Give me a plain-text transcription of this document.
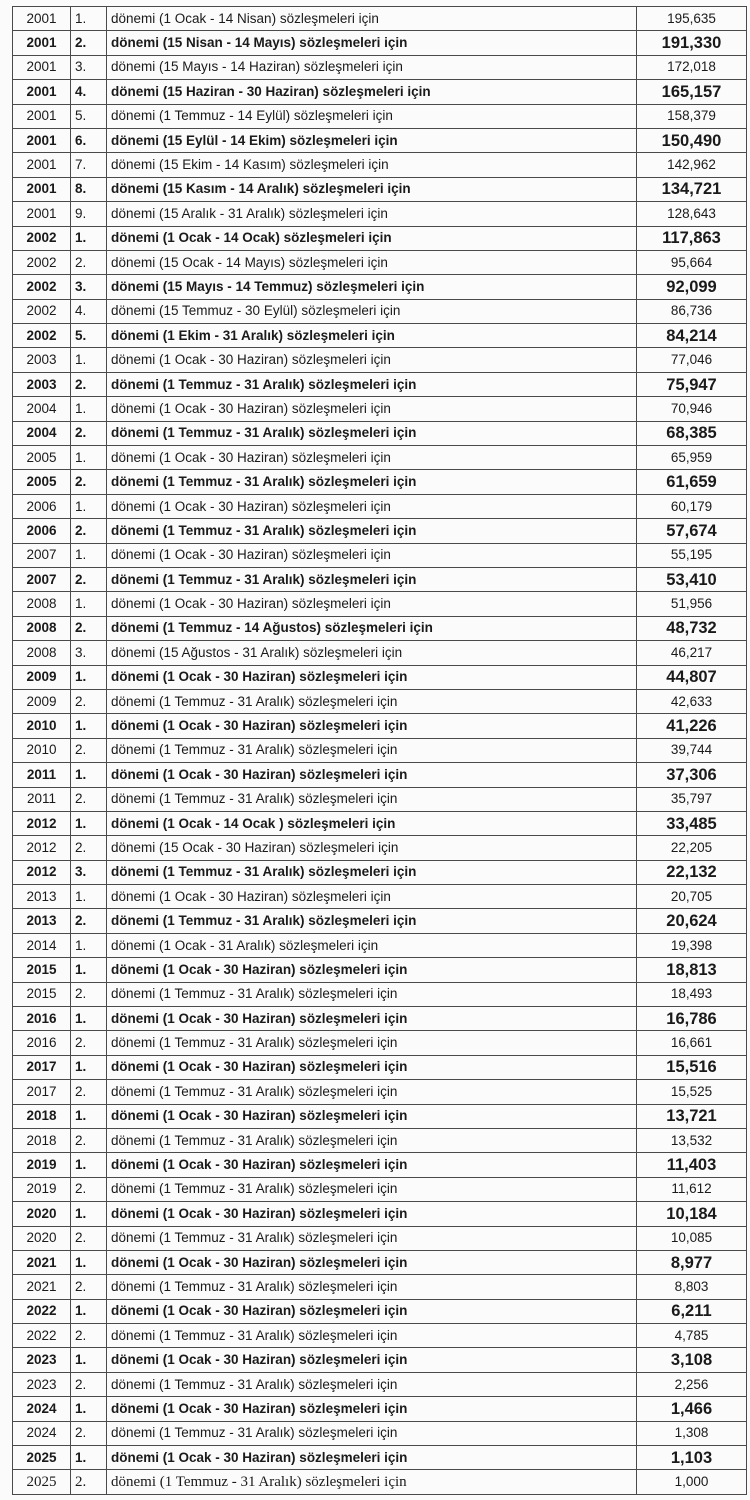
2001	1.	dönemi (1 Ocak - 14 Nisan) sözleşmeleri için	195,635
2001	2.	dönemi (15 Nisan - 14 Mayıs) sözleşmeleri için	191,330
2001	3.	dönemi (15 Mayıs - 14 Haziran) sözleşmeleri için	172,018
2001	4.	dönemi (15 Haziran - 30 Haziran) sözleşmeleri için	165,157
2001	5.	dönemi (1 Temmuz - 14 Eylül) sözleşmeleri için	158,379
2001	6.	dönemi (15 Eylül - 14 Ekim) sözleşmeleri için	150,490
2001	7.	dönemi (15 Ekim - 14 Kasım) sözleşmeleri için	142,962
2001	8.	dönemi (15 Kasım - 14 Aralık) sözleşmeleri için	134,721
2001	9.	dönemi (15 Aralık - 31 Aralık) sözleşmeleri için	128,643
2002	1.	dönemi (1 Ocak - 14 Ocak) sözleşmeleri için	117,863
2002	2.	dönemi (15 Ocak - 14 Mayıs) sözleşmeleri için	95,664
2002	3.	dönemi (15 Mayıs - 14 Temmuz) sözleşmeleri için	92,099
2002	4.	dönemi (15 Temmuz - 30 Eylül) sözleşmeleri için	86,736
2002	5.	dönemi (1 Ekim - 31 Aralık) sözleşmeleri için	84,214
2003	1.	dönemi (1 Ocak - 30 Haziran) sözleşmeleri için	77,046
2003	2.	dönemi (1 Temmuz - 31 Aralık) sözleşmeleri için	75,947
2004	1.	dönemi (1 Ocak - 30 Haziran) sözleşmeleri için	70,946
2004	2.	dönemi (1 Temmuz - 31 Aralık) sözleşmeleri için	68,385
2005	1.	dönemi (1 Ocak - 30 Haziran) sözleşmeleri için	65,959
2005	2.	dönemi (1 Temmuz - 31 Aralık) sözleşmeleri için	61,659
2006	1.	dönemi (1 Ocak - 30 Haziran) sözleşmeleri için	60,179
2006	2.	dönemi (1 Temmuz - 31 Aralık) sözleşmeleri için	57,674
2007	1.	dönemi (1 Ocak - 30 Haziran) sözleşmeleri için	55,195
2007	2.	dönemi (1 Temmuz - 31 Aralık) sözleşmeleri için	53,410
2008	1.	dönemi (1 Ocak - 30 Haziran) sözleşmeleri için	51,956
2008	2.	dönemi (1 Temmuz - 14 Ağustos) sözleşmeleri için	48,732
2008	3.	dönemi (15 Ağustos - 31 Aralık) sözleşmeleri için	46,217
2009	1.	dönemi (1 Ocak - 30 Haziran) sözleşmeleri için	44,807
2009	2.	dönemi (1 Temmuz - 31 Aralık) sözleşmeleri için	42,633
2010	1.	dönemi (1 Ocak - 30 Haziran) sözleşmeleri için	41,226
2010	2.	dönemi (1 Temmuz - 31 Aralık) sözleşmeleri için	39,744
2011	1.	dönemi (1 Ocak - 30 Haziran) sözleşmeleri için	37,306
2011	2.	dönemi (1 Temmuz - 31 Aralık) sözleşmeleri için	35,797
2012	1.	dönemi (1 Ocak - 14 Ocak ) sözleşmeleri için	33,485
2012	2.	dönemi (15 Ocak - 30 Haziran) sözleşmeleri için	22,205
2012	3.	dönemi (1 Temmuz - 31 Aralık) sözleşmeleri için	22,132
2013	1.	dönemi (1 Ocak - 30 Haziran) sözleşmeleri için	20,705
2013	2.	dönemi (1 Temmuz - 31 Aralık) sözleşmeleri için	20,624
2014	1.	dönemi (1 Ocak - 31 Aralık) sözleşmeleri için	19,398
2015	1.	dönemi (1 Ocak - 30 Haziran) sözleşmeleri için	18,813
2015	2.	dönemi (1 Temmuz - 31 Aralık) sözleşmeleri için	18,493
2016	1.	dönemi (1 Ocak - 30 Haziran) sözleşmeleri için	16,786
2016	2.	dönemi (1 Temmuz - 31 Aralık) sözleşmeleri için	16,661
2017	1.	dönemi (1 Ocak - 30 Haziran) sözleşmeleri için	15,516
2017	2.	dönemi (1 Temmuz - 31 Aralık) sözleşmeleri için	15,525
2018	1.	dönemi (1 Ocak - 30 Haziran) sözleşmeleri için	13,721
2018	2.	dönemi (1 Temmuz - 31 Aralık) sözleşmeleri için	13,532
2019	1.	dönemi (1 Ocak - 30 Haziran) sözleşmeleri için	11,403
2019	2.	dönemi (1 Temmuz - 31 Aralık) sözleşmeleri için	11,612
2020	1.	dönemi (1 Ocak - 30 Haziran) sözleşmeleri için	10,184
2020	2.	dönemi (1 Temmuz - 31 Aralık) sözleşmeleri için	10,085
2021	1.	dönemi (1 Ocak - 30 Haziran) sözleşmeleri için	8,977
2021	2.	dönemi (1 Temmuz - 31 Aralık) sözleşmeleri için	8,803
2022	1.	dönemi (1 Ocak - 30 Haziran) sözleşmeleri için	6,211
2022	2.	dönemi (1 Temmuz - 31 Aralık) sözleşmeleri için	4,785
2023	1.	dönemi (1 Ocak - 30 Haziran) sözleşmeleri için	3,108
2023	2.	dönemi (1 Temmuz - 31 Aralık) sözleşmeleri için	2,256
2024	1.	dönemi (1 Ocak - 30 Haziran) sözleşmeleri için	1,466
2024	2.	dönemi (1 Temmuz - 31 Aralık) sözleşmeleri için	1,308
2025	1.	dönemi (1 Ocak - 30 Haziran) sözleşmeleri için	1,103
2025	2.	dönemi (1 Temmuz - 31 Aralık) sözleşmeleri için	1,000
